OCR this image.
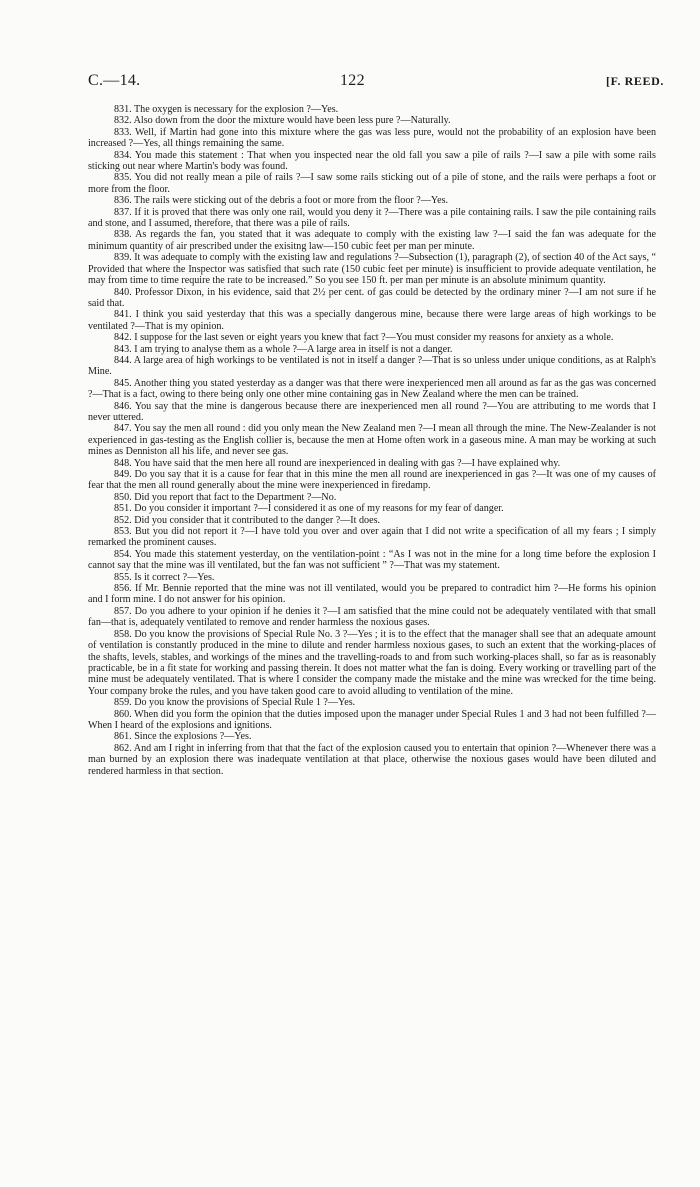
C.—14.	122	[F. REED.

831. The oxygen is necessary for the explosion ?—Yes.

832. Also down from the door the mixture would have been less pure ?—Naturally.

833. Well, if Martin had gone into this mixture where the gas was less pure, would not the probability of an explosion have been increased ?—Yes, all things remaining the same.

834. You made this statement : That when you inspected near the old fall you saw a pile of rails ?—I saw a pile with some rails sticking out near where Martin's body was found.

835. You did not really mean a pile of rails ?—I saw some rails sticking out of a pile of stone, and the rails were perhaps a foot or more from the floor.

836. The rails were sticking out of the debris a foot or more from the floor ?—Yes.

837. If it is proved that there was only one rail, would you deny it ?—There was a pile containing rails. I saw the pile containing rails and stone, and I assumed, therefore, that there was a pile of rails.

838. As regards the fan, you stated that it was adequate to comply with the existing law ?—I said the fan was adequate for the minimum quantity of air prescribed under the exisitng law—150 cubic feet per man per minute.

839. It was adequate to comply with the existing law and regulations ?—Subsection (1), paragraph (2), of section 40 of the Act says, “ Provided that where the Inspector was satisfied that such rate (150 cubic feet per minute) is insufficient to provide adequate ventilation, he may from time to time require the rate to be increased.” So you see 150 ft. per man per minute is an absolute minimum quantity.

840. Professor Dixon, in his evidence, said that 2½ per cent. of gas could be detected by the ordinary miner ?—I am not sure if he said that.

841. I think you said yesterday that this was a specially dangerous mine, because there were large areas of high workings to be ventilated ?—That is my opinion.

842. I suppose for the last seven or eight years you knew that fact ?—You must consider my reasons for anxiety as a whole.

843. I am trying to analyse them as a whole ?—A large area in itself is not a danger.

844. A large area of high workings to be ventilated is not in itself a danger ?—That is so unless under unique conditions, as at Ralph's Mine.

845. Another thing you stated yesterday as a danger was that there were inexperienced men all around as far as the gas was concerned ?—That is a fact, owing to there being only one other mine containing gas in New Zealand where the men can be trained.

846. You say that the mine is dangerous because there are inexperienced men all round ?—You are attributing to me words that I never uttered.

847. You say the men all round : did you only mean the New Zealand men ?—I mean all through the mine. The New-Zealander is not experienced in gas-testing as the English collier is, because the men at Home often work in a gaseous mine. A man may be working at such mines as Denniston all his life, and never see gas.

848. You have said that the men here all round are inexperienced in dealing with gas ?—I have explained why.

849. Do you say that it is a cause for fear that in this mine the men all round are inexperienced in gas ?—It was one of my causes of fear that the men all round generally about the mine were inexperienced in firedamp.

850. Did you report that fact to the Department ?—No.

851. Do you consider it important ?—I considered it as one of my reasons for my fear of danger.

852. Did you consider that it contributed to the danger ?—It does.

853. But you did not report it ?—I have told you over and over again that I did not write a specification of all my fears ; I simply remarked the prominent causes.

854. You made this statement yesterday, on the ventilation-point : “As I was not in the mine for a long time before the explosion I cannot say that the mine was ill ventilated, but the fan was not sufficient ” ?—That was my statement.

855. Is it correct ?—Yes.

856. If Mr. Bennie reported that the mine was not ill ventilated, would you be prepared to contradict him ?—He forms his opinion and I form mine. I do not answer for his opinion.

857. Do you adhere to your opinion if he denies it ?—I am satisfied that the mine could not be adequately ventilated with that small fan—that is, adequately ventilated to remove and render harmless the noxious gases.

858. Do you know the provisions of Special Rule No. 3 ?—Yes ; it is to the effect that the manager shall see that an adequate amount of ventilation is constantly produced in the mine to dilute and render harmless noxious gases, to such an extent that the working-places of the shafts, levels, stables, and workings of the mines and the travelling-roads to and from such working-places shall, so far as is reasonably practicable, be in a fit state for working and passing therein. It does not matter what the fan is doing. Every working or travelling part of the mine must be adequately ventilated. That is where I consider the company made the mistake and the mine was wrecked for the time being. Your company broke the rules, and you have taken good care to avoid alluding to ventilation of the mine.

859. Do you know the provisions of Special Rule 1 ?—Yes.

860. When did you form the opinion that the duties imposed upon the manager under Special Rules 1 and 3 had not been fulfilled ?—When I heard of the explosions and ignitions.

861. Since the explosions ?—Yes.

862. And am I right in inferring from that that the fact of the explosion caused you to entertain that opinion ?—Whenever there was a man burned by an explosion there was inadequate ventilation at that place, otherwise the noxious gases would have been diluted and rendered harmless in that section.
